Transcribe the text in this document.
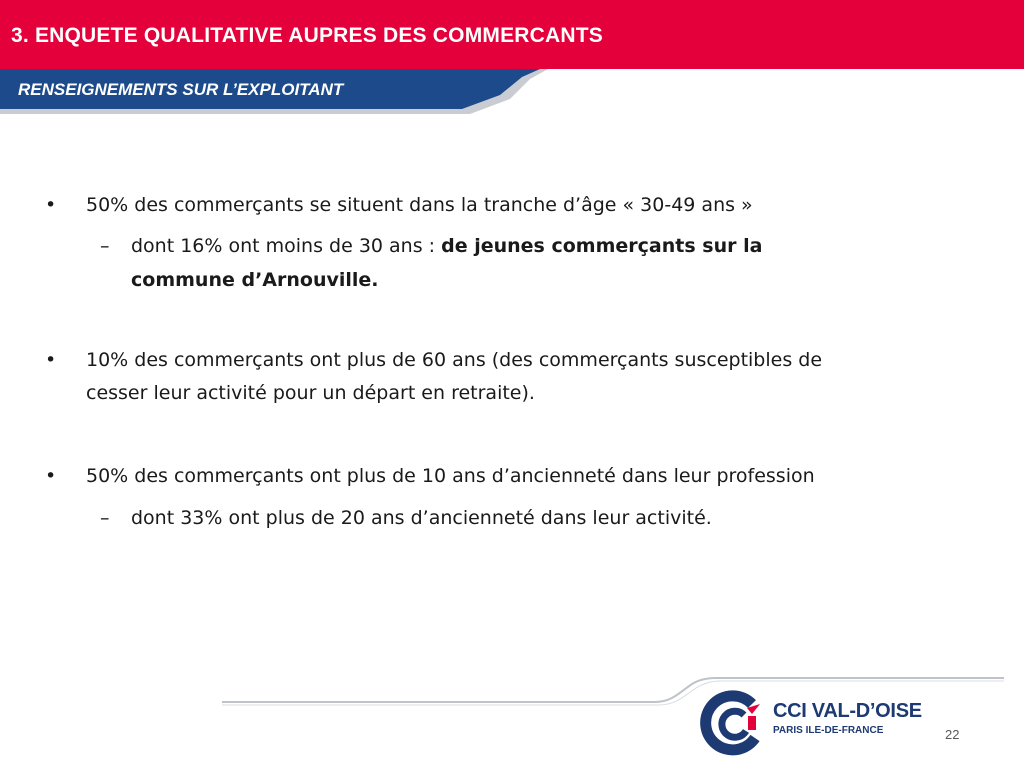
3. ENQUETE QUALITATIVE AUPRES DES COMMERCANTS
RENSEIGNEMENTS SUR L’EXPLOITANT
• 50% des commerçants se situent dans la tranche d’âge « 30-49 ans »
– dont 16% ont moins de 30 ans : de jeunes commerçants sur la
commune d’Arnouville.
• 10% des commerçants ont plus de 60 ans (des commerçants susceptibles de
cesser leur activité pour un départ en retraite).
• 50% des commerçants ont plus de 10 ans d’ancienneté dans leur profession
– dont 33% ont plus de 20 ans d’ancienneté dans leur activité.
CCI VAL-D’OISE
PARIS ILE-DE-FRANCE	22
